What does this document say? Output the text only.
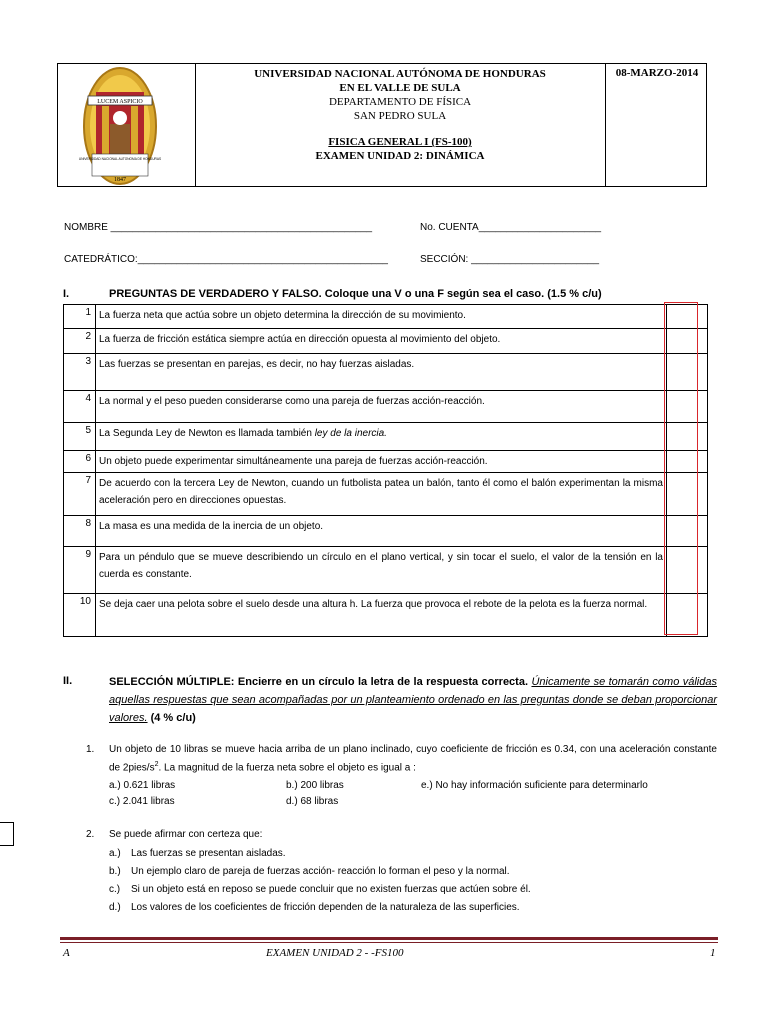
LUCEM ASPICIO
UNIVERSIDAD NACIONAL AUTONOMA DE HONDURAS
1847
UNIVERSIDAD NACIONAL AUTÓNOMA DE HONDURAS
EN EL VALLE DE SULA
DEPARTAMENTO DE FÍSICA
SAN PEDRO SULA
FISICA GENERAL I (FS-100)
EXAMEN UNIDAD 2: DINÁMICA
08-MARZO-2014
NOMBRE _______________________________________________	No. CUENTA______________________
CATEDRÁTICO:_____________________________________________	SECCIÓN: _______________________
I.	PREGUNTAS DE VERDADERO Y FALSO. Coloque una V o una F según sea el caso. (1.5 % c/u)
1	La fuerza neta que actúa sobre un objeto determina la dirección de su movimiento.	
2	La fuerza de fricción estática siempre actúa en dirección opuesta al movimiento del objeto.	
3	Las fuerzas se presentan en parejas, es decir, no hay fuerzas aisladas.	
4	La normal y el peso pueden considerarse como una pareja de fuerzas acción-reacción.	
5	La Segunda Ley de Newton es llamada también ley de la inercia.	
6	Un objeto puede experimentar simultáneamente una pareja de fuerzas acción-reacción.	
7	De acuerdo con la tercera Ley de Newton, cuando un futbolista patea un balón, tanto él como el balón experimentan la misma aceleración pero en direcciones opuestas.	
8	La masa es una medida de la inercia de un objeto.	
9	Para un péndulo que se mueve describiendo un círculo en el plano vertical, y sin tocar el suelo, el valor de la tensión en la cuerda es constante.	
10	Se deja caer una pelota sobre el suelo desde una altura h. La fuerza que provoca el rebote de la pelota es la fuerza normal.	
II.	SELECCIÓN MÚLTIPLE: Encierre en un círculo la letra de la respuesta correcta. Únicamente se tomarán como válidas aquellas respuestas que sean acompañadas por un planteamiento ordenado en las preguntas donde se deban proporcionar valores. (4 % c/u)
1. Un objeto de 10 libras se mueve hacia arriba de un plano inclinado, cuyo coeficiente de fricción es 0.34, con una aceleración constante de $2pies/s^2$. La magnitud de la fuerza neta sobre el objeto es igual a :
a.) 0.621 libras	b.) 200 libras	e.) No hay información suficiente para determinarlo
c.) 2.041 libras	d.) 68 libras
2. Se puede afirmar con certeza que:
a.) Las fuerzas se presentan aisladas.
b.) Un ejemplo claro de pareja de fuerzas acción- reacción lo forman el peso y la normal.
c.) Si un objeto está en reposo se puede concluir que no existen fuerzas que actúen sobre él.
d.) Los valores de los coeficientes de fricción dependen de la naturaleza de las superficies.
A	EXAMEN UNIDAD 2 - -FS100	1
